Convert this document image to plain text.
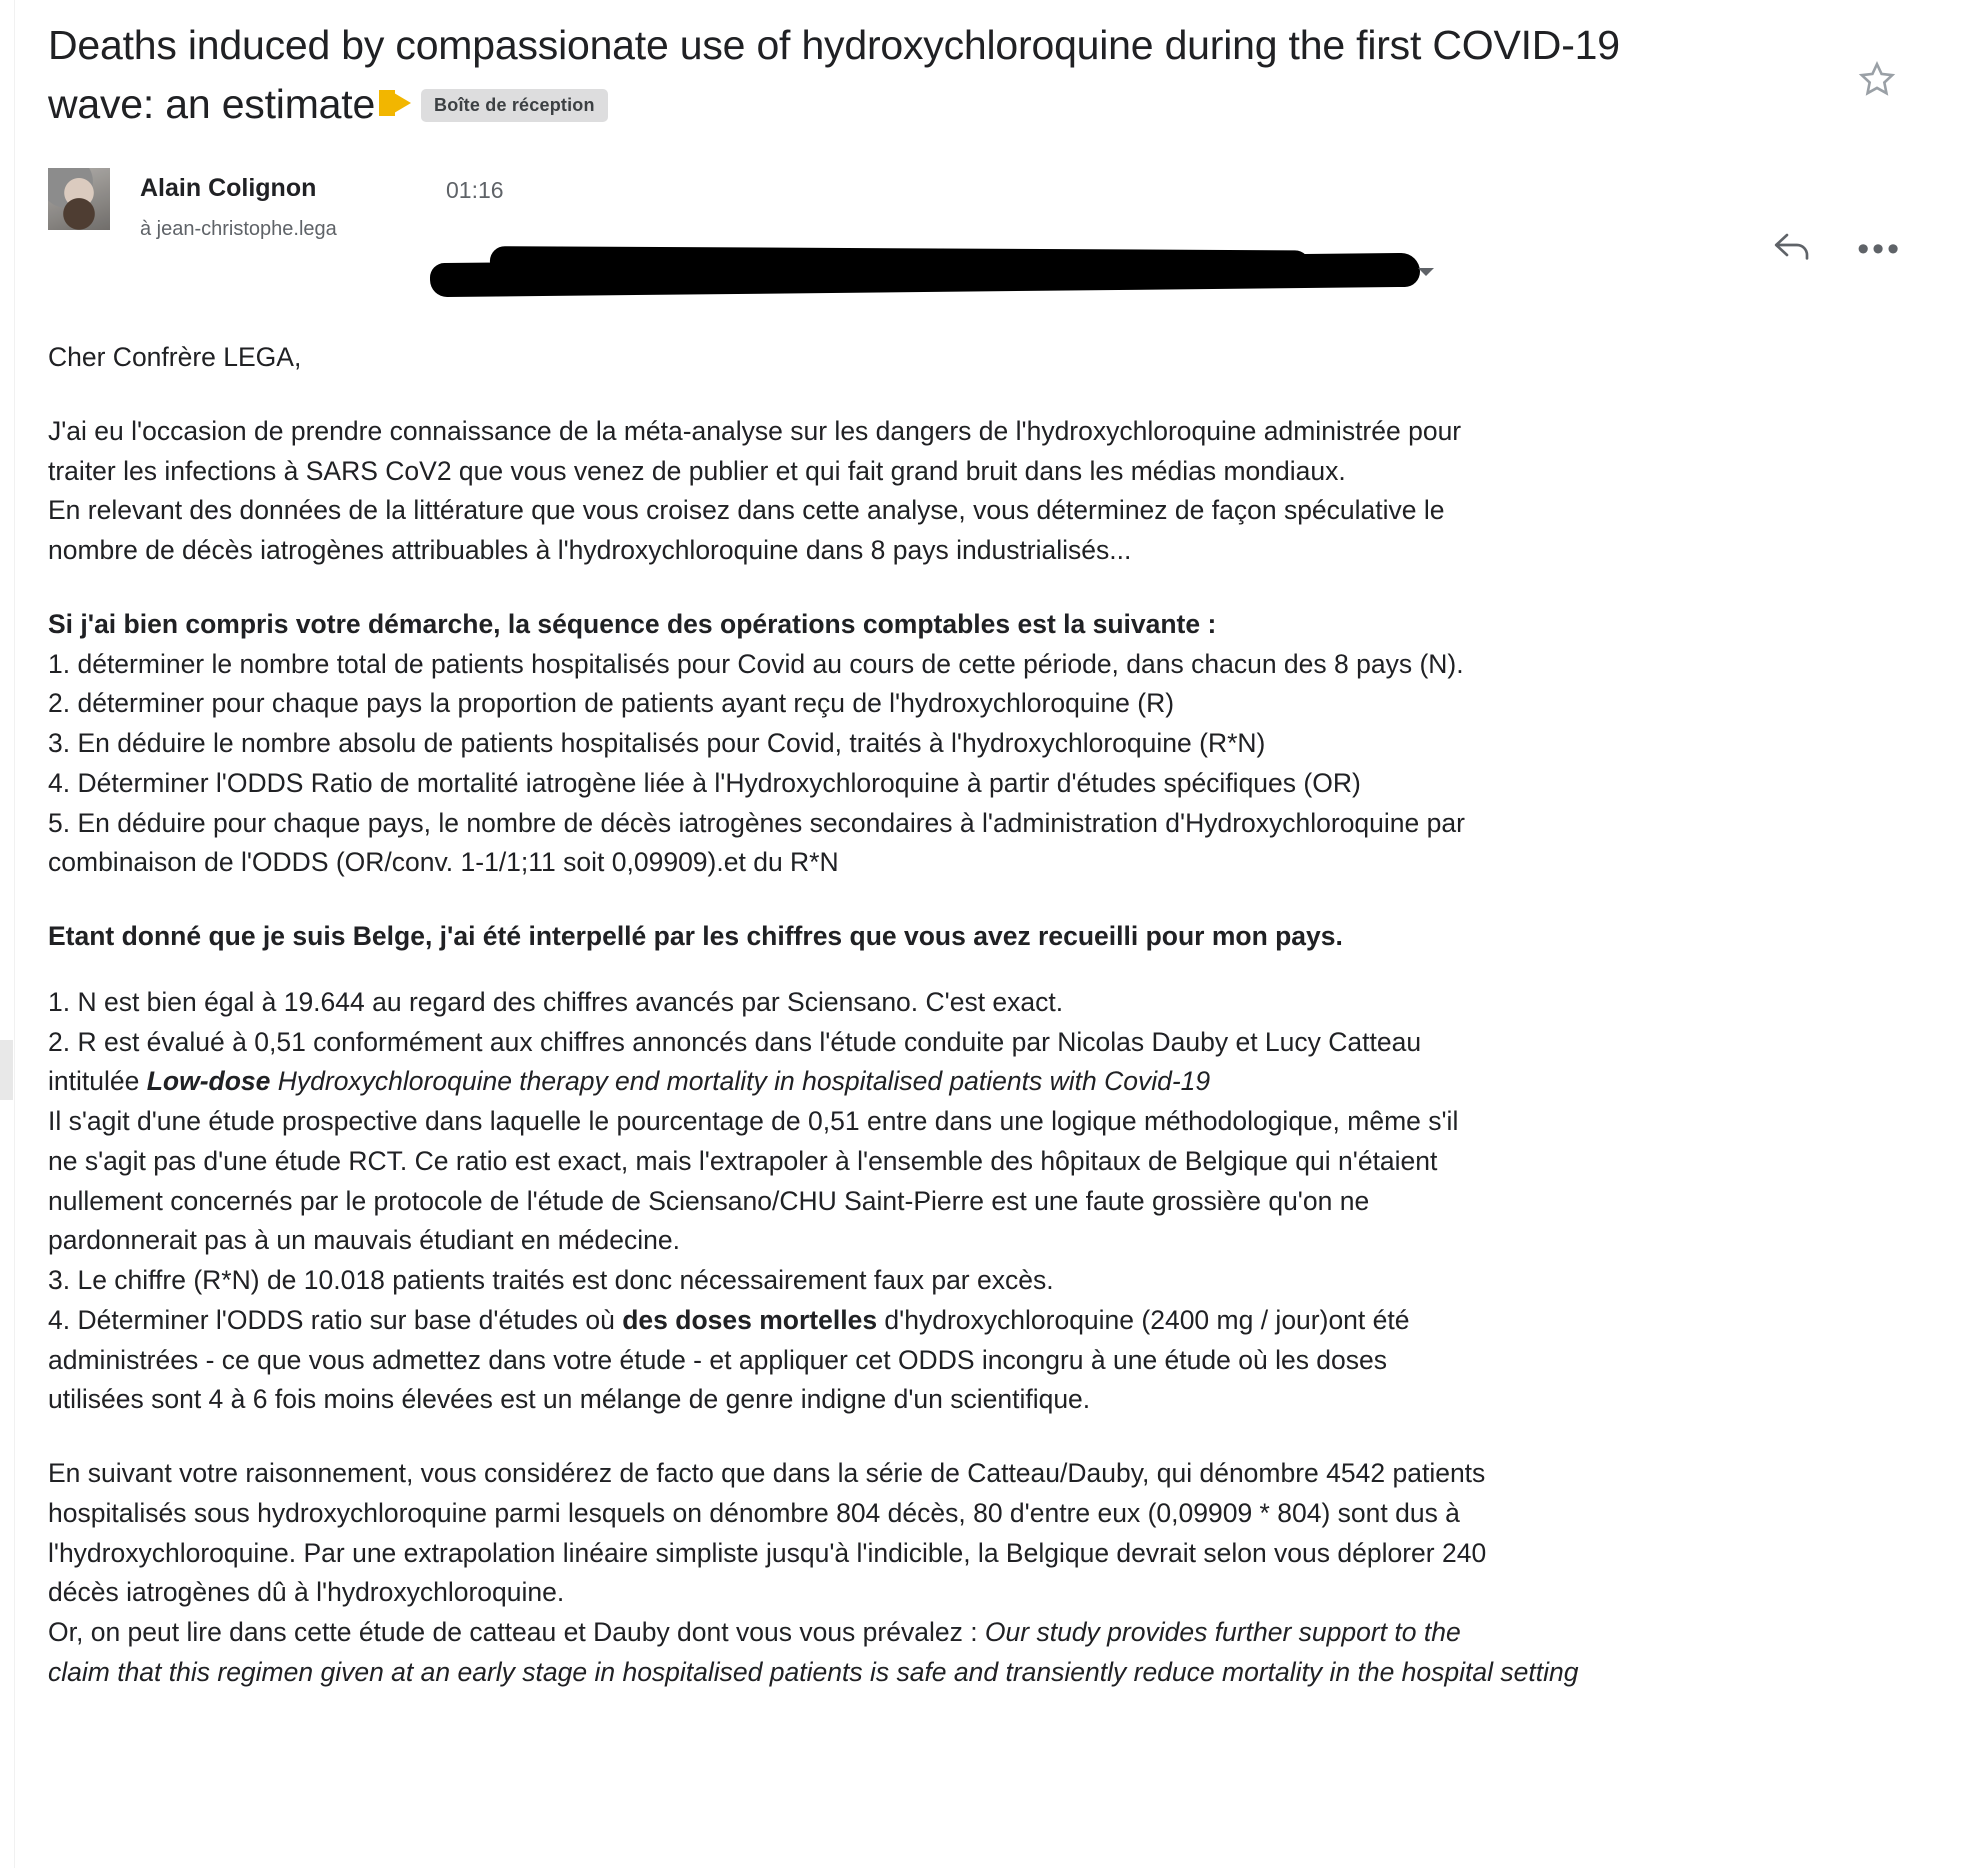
Deaths induced by compassionate use of hydroxychloroquine during the first COVID-19 wave: an estimate	Boîte de réception
Alain Colignon	01:16
à jean-christophe.lega
•••

Cher Confrère LEGA,

J'ai eu l'occasion de prendre connaissance de la méta-analyse sur les dangers de l'hydroxychloroquine administrée pour

traiter les infections à SARS CoV2 que vous venez de publier et qui fait grand bruit dans les médias mondiaux.

En relevant des données de la littérature que vous croisez dans cette analyse, vous déterminez de façon spéculative le

nombre de décès iatrogènes attribuables à l'hydroxychloroquine dans 8 pays industrialisés...

Si j'ai bien compris votre démarche, la séquence des opérations comptables est la suivante :

1. déterminer le nombre total de patients hospitalisés pour Covid au cours de cette période, dans chacun des 8 pays (N).

2. déterminer pour chaque pays la proportion de patients ayant reçu de l'hydroxychloroquine (R)

3. En déduire le nombre absolu de patients hospitalisés pour Covid, traités à l'hydroxychloroquine (R*N)

4. Déterminer l'ODDS Ratio de mortalité iatrogène liée à l'Hydroxychloroquine à partir d'études spécifiques (OR)

5. En déduire pour chaque pays, le nombre de décès iatrogènes secondaires à l'administration d'Hydroxychloroquine par

combinaison de l'ODDS (OR/conv. 1-1/1;11 soit 0,09909).et du R*N

Etant donné que je suis Belge, j'ai été interpellé par les chiffres que vous avez recueilli pour mon pays.

1. N est bien égal à 19.644 au regard des chiffres avancés par Sciensano. C'est exact.

2. R est évalué à 0,51 conformément aux chiffres annoncés dans l'étude conduite par Nicolas Dauby et Lucy Catteau

intitulée Low-dose Hydroxychloroquine therapy end mortality in hospitalised patients with Covid-19

Il s'agit d'une étude prospective dans laquelle le pourcentage de 0,51 entre dans une logique méthodologique, même s'il

ne s'agit pas d'une étude RCT. Ce ratio est exact, mais l'extrapoler à l'ensemble des hôpitaux de Belgique qui n'étaient

nullement concernés par le protocole de l'étude de Sciensano/CHU Saint-Pierre est une faute grossière qu'on ne

pardonnerait pas à un mauvais étudiant en médecine.

3. Le chiffre (R*N) de 10.018 patients traités est donc nécessairement faux par excès.

4. Déterminer l'ODDS ratio sur base d'études où des doses mortelles d'hydroxychloroquine (2400 mg / jour)ont été

administrées - ce que vous admettez dans votre étude - et appliquer cet ODDS incongru à une étude où les doses

utilisées sont 4 à 6 fois moins élevées est un mélange de genre indigne d'un scientifique.

En suivant votre raisonnement, vous considérez de facto que dans la série de Catteau/Dauby, qui dénombre 4542 patients

hospitalisés sous hydroxychloroquine parmi lesquels on dénombre 804 décès, 80 d'entre eux (0,09909 * 804) sont dus à

l'hydroxychloroquine. Par une extrapolation linéaire simpliste jusqu'à l'indicible, la Belgique devrait selon vous déplorer 240

décès iatrogènes dû à l'hydroxychloroquine.

Or, on peut lire dans cette étude de catteau et Dauby dont vous vous prévalez : Our study provides further support to the

claim that this regimen given at an early stage in hospitalised patients is safe and transiently reduce mortality in the hospital setting
